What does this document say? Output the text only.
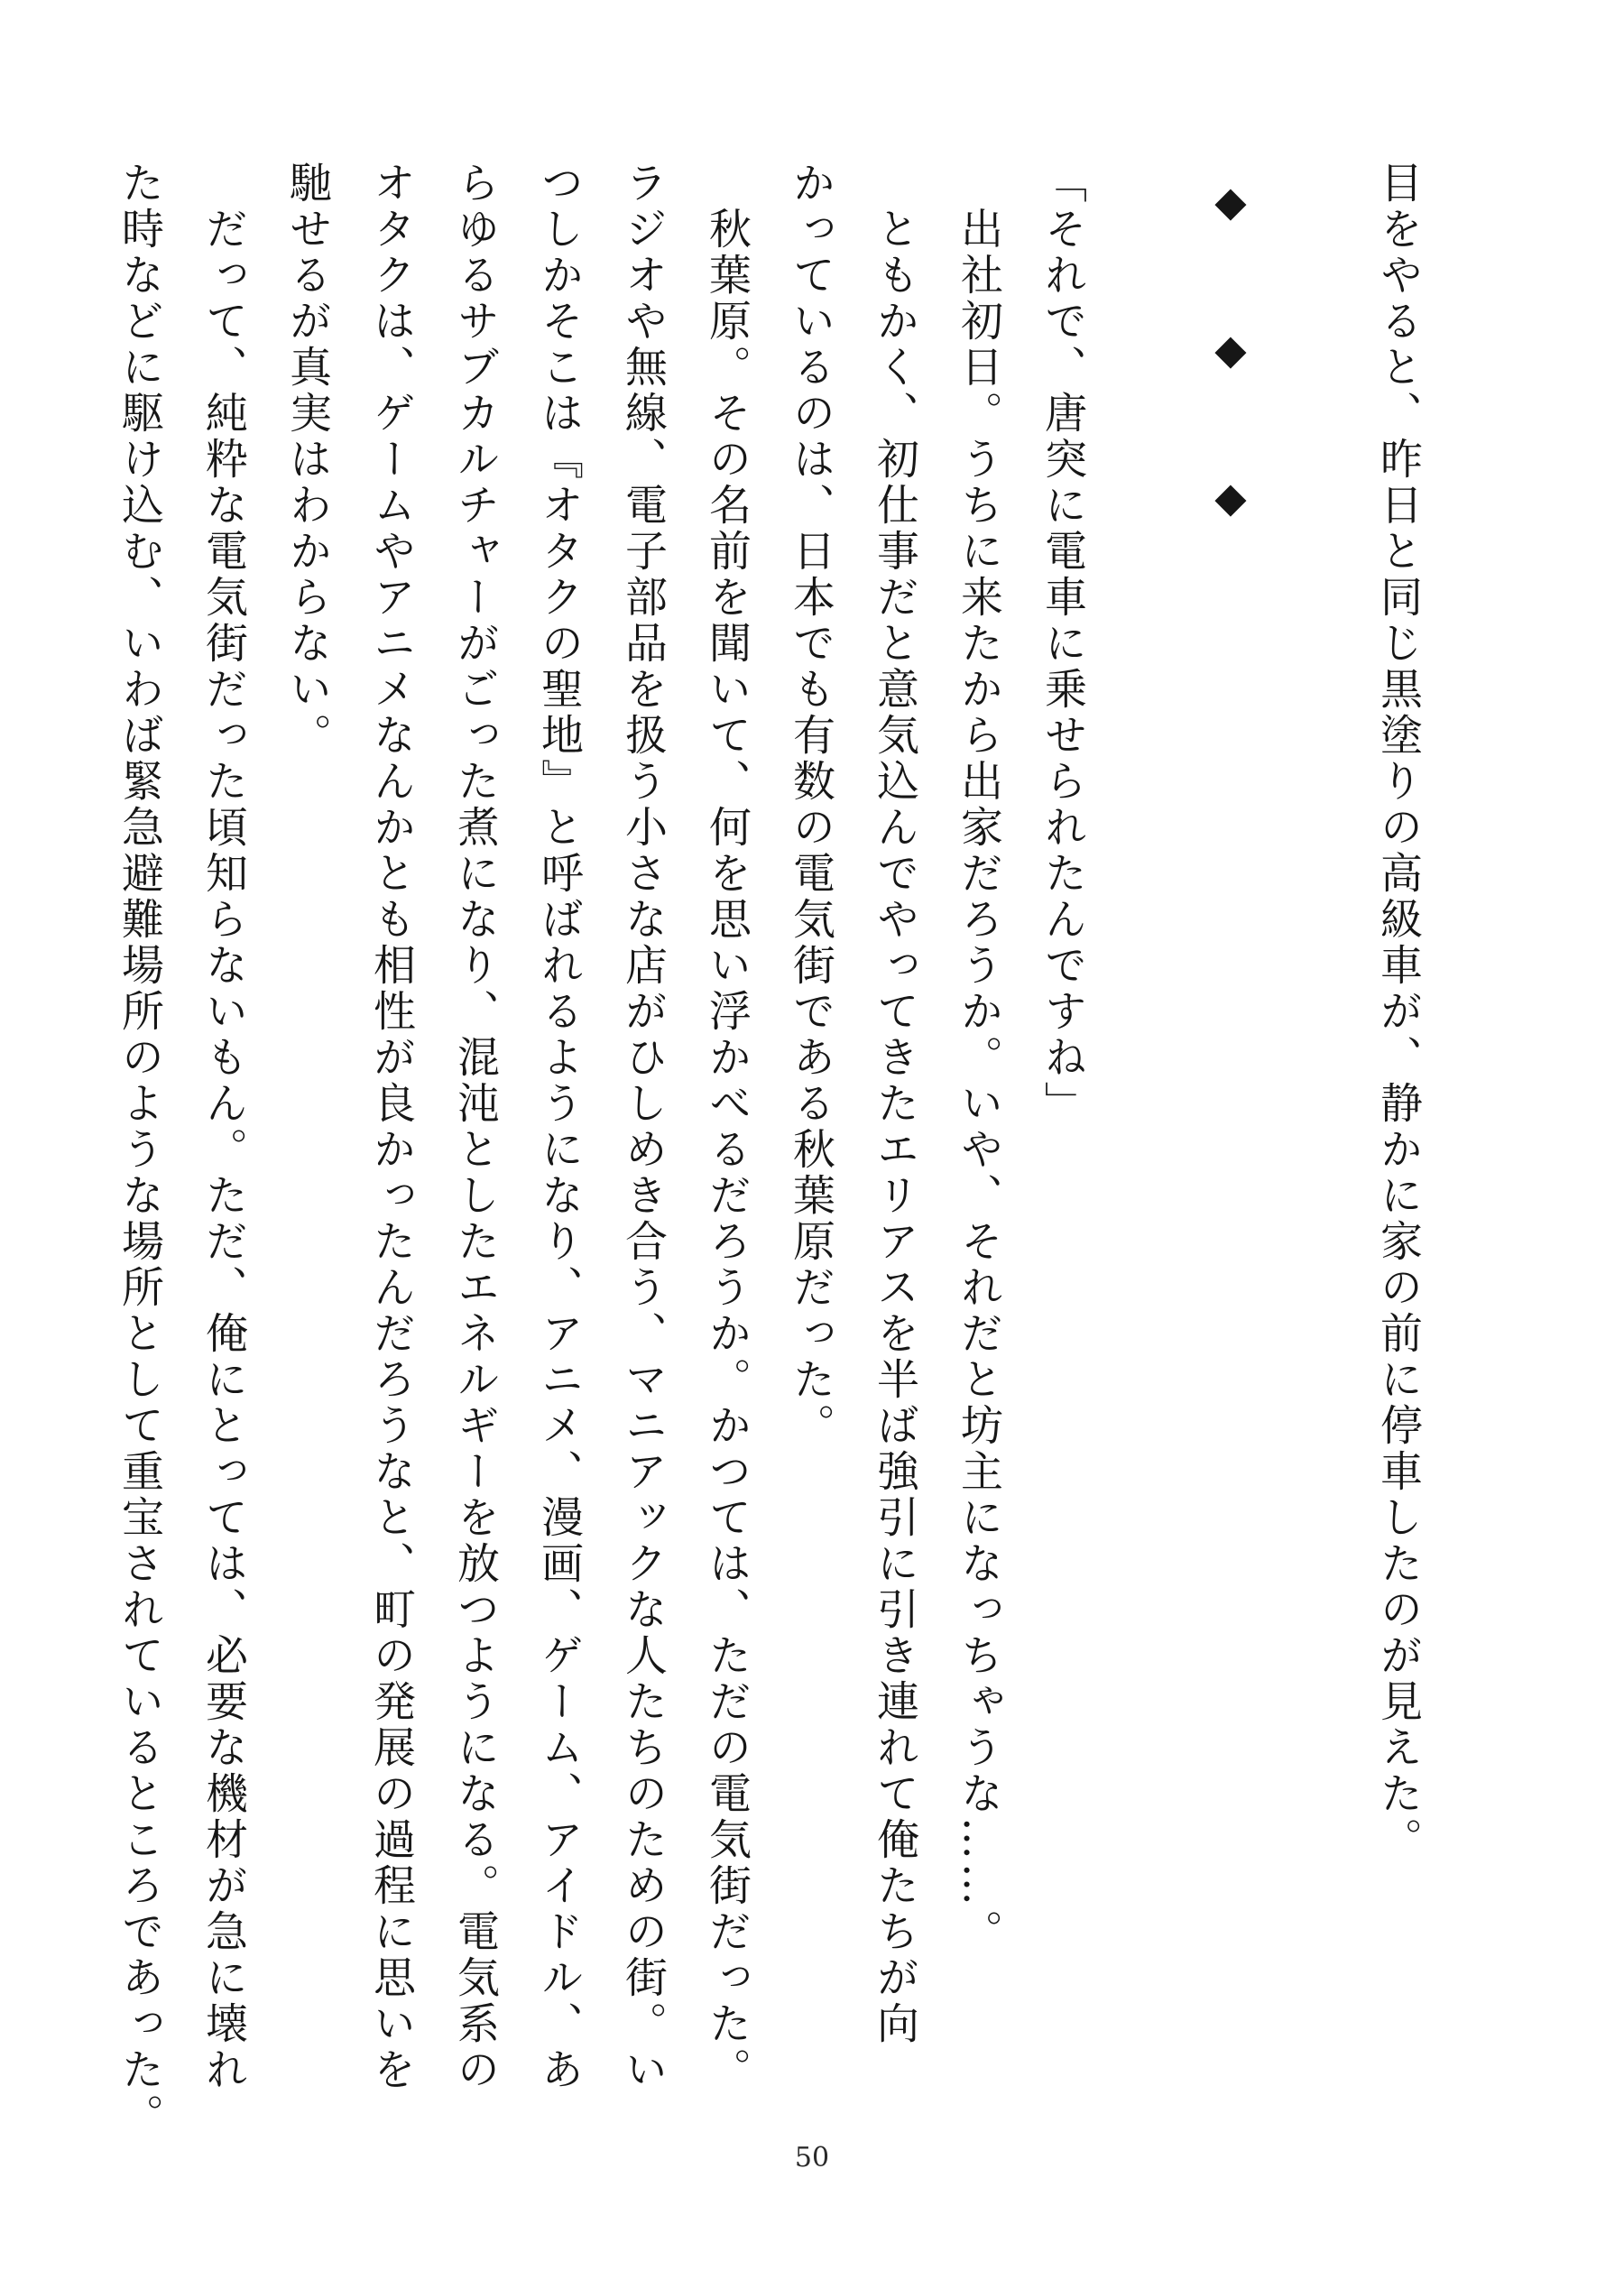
目をやると、昨日と同じ黒塗りの高級車が、静かに家の前に停車したのが見えた。
◆　◆　◆
「それで、唐突に電車に乗せられたんですね」
　出社初日。うちに来たから出家だろうか。いや、それだと坊主になっちゃうな……。
　ともかく、初仕事だと意気込んでやってきたエリアスを半ば強引に引き連れて俺たちが向
かっているのは、日本でも有数の電気街である秋葉原だった。
　秋葉原。その名前を聞いて、何を思い浮かべるだろうか。かつては、ただの電気街だった。
ラジオや無線、電子部品を扱う小さな店がひしめき合う、マニアックな人たちのための街。い
つしかそこは『オタクの聖地』と呼ばれるようになり、アニメ、漫画、ゲーム、アイドル、あ
らゆるサブカルチャーがごった煮になり、混沌としたエネルギーを放つようになる。電気系の
オタクは、ゲームやアニメなんかとも相性が良かったんだろうなと、町の発展の過程に思いを
馳せるが真実はわからない。
　だって、純粋な電気街だった頃知らないもん。ただ、俺にとっては、必要な機材が急に壊れ
た時などに駆け込む、いわば緊急避難場所のような場所として重宝されているところであった。
50
